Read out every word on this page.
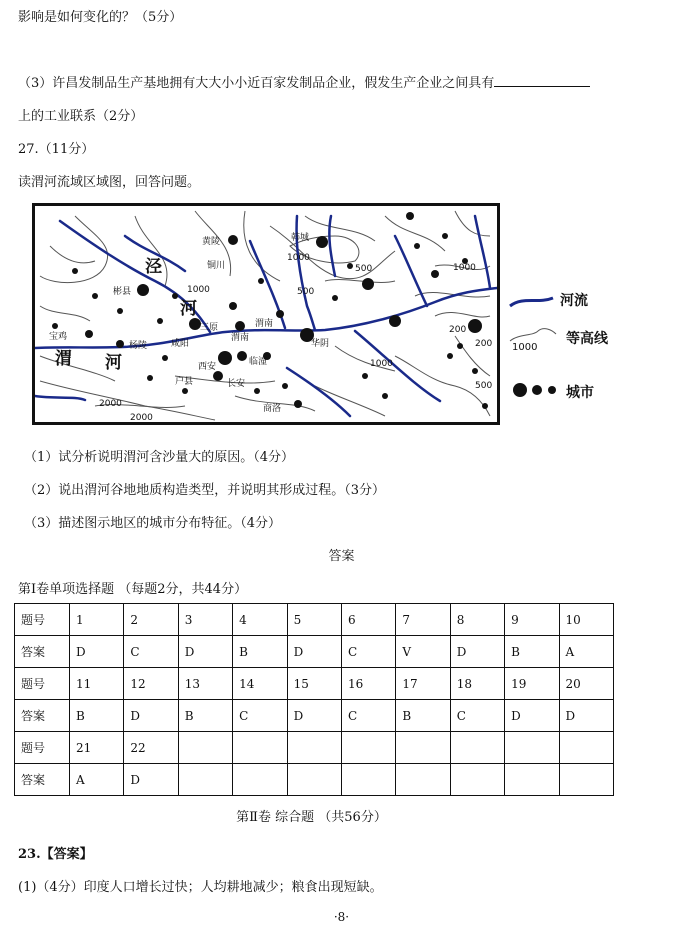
影响是如何变化的？（5分）
（3）许昌发制品生产基地拥有大大小小近百家发制品企业，假发生产企业之间具有
上的工业联系（2分）
27.（11分）
读渭河流域区域图，回答问题。
泾
河
渭 河
黄陵	韩城
铜川
彬县
三原	渭南
渭南
宝鸡
杨陵	咸阳	华阴
西安	临潼
户县	长安
商洛
1000
1000
1000
1000
500
500
500
200
200
2000
2000
河流
等高线
1000
城市
（1）试分析说明渭河含沙量大的原因。（4分）
（2）说出渭河谷地地质构造类型，并说明其形成过程。（3分）
（3）描述图示地区的城市分布特征。（4分）
答案
第Ⅰ卷单项选择题 （每题2分，共44分）
题号	1	2	3	4	5	6	7	8	9	10
答案	D	C	D	B	D	C	V	D	B	A
题号	11	12	13	14	15	16	17	18	19	20
答案	B	D	B	C	D	C	B	C	D	D
题号	21	22								
答案	A	D								
第Ⅱ卷 综合题 （共56分）
23.【答案】
(1)（4分）印度人口增长过快；人均耕地减少；粮食出现短缺。
·8·
